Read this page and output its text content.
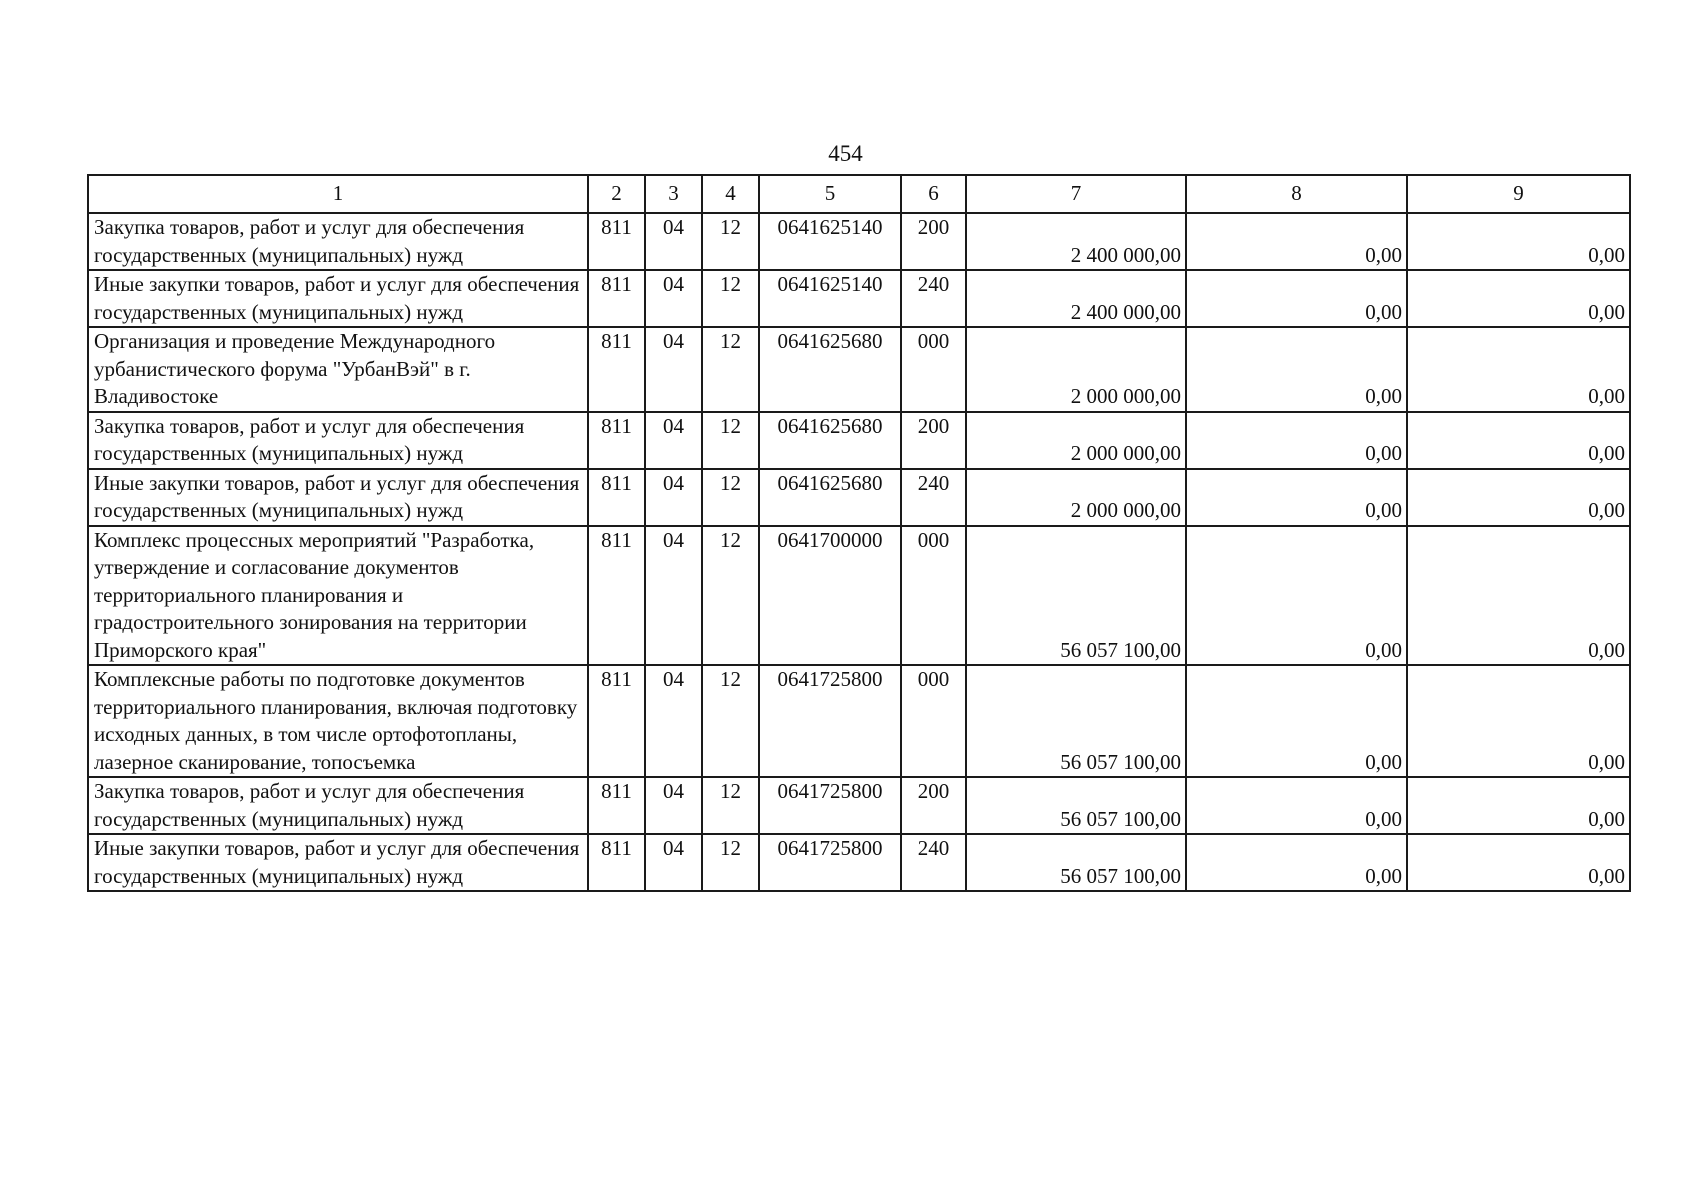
454
1	2	3	4	5	6	7	8	9
Закупка товаров, работ и услуг для обеспечения государственных (муниципальных) нужд	811	04	12	0641625140	200	2 400 000,00	0,00	0,00
Иные закупки товаров, работ и услуг для обеспечения государственных (муниципальных) нужд	811	04	12	0641625140	240	2 400 000,00	0,00	0,00
Организация и проведение Международного урбанистического форума "УрбанВэй" в г. Владивостоке	811	04	12	0641625680	000	2 000 000,00	0,00	0,00
Закупка товаров, работ и услуг для обеспечения государственных (муниципальных) нужд	811	04	12	0641625680	200	2 000 000,00	0,00	0,00
Иные закупки товаров, работ и услуг для обеспечения государственных (муниципальных) нужд	811	04	12	0641625680	240	2 000 000,00	0,00	0,00
Комплекс процессных мероприятий "Разработка, утверждение и согласование документов территориального планирования и градостроительного зонирования на территории Приморского края"	811	04	12	0641700000	000	56 057 100,00	0,00	0,00
Комплексные работы по подготовке документов территориального планирования, включая подготовку исходных данных, в том числе ортофотопланы, лазерное сканирование, топосъемка	811	04	12	0641725800	000	56 057 100,00	0,00	0,00
Закупка товаров, работ и услуг для обеспечения государственных (муниципальных) нужд	811	04	12	0641725800	200	56 057 100,00	0,00	0,00
Иные закупки товаров, работ и услуг для обеспечения государственных (муниципальных) нужд	811	04	12	0641725800	240	56 057 100,00	0,00	0,00
